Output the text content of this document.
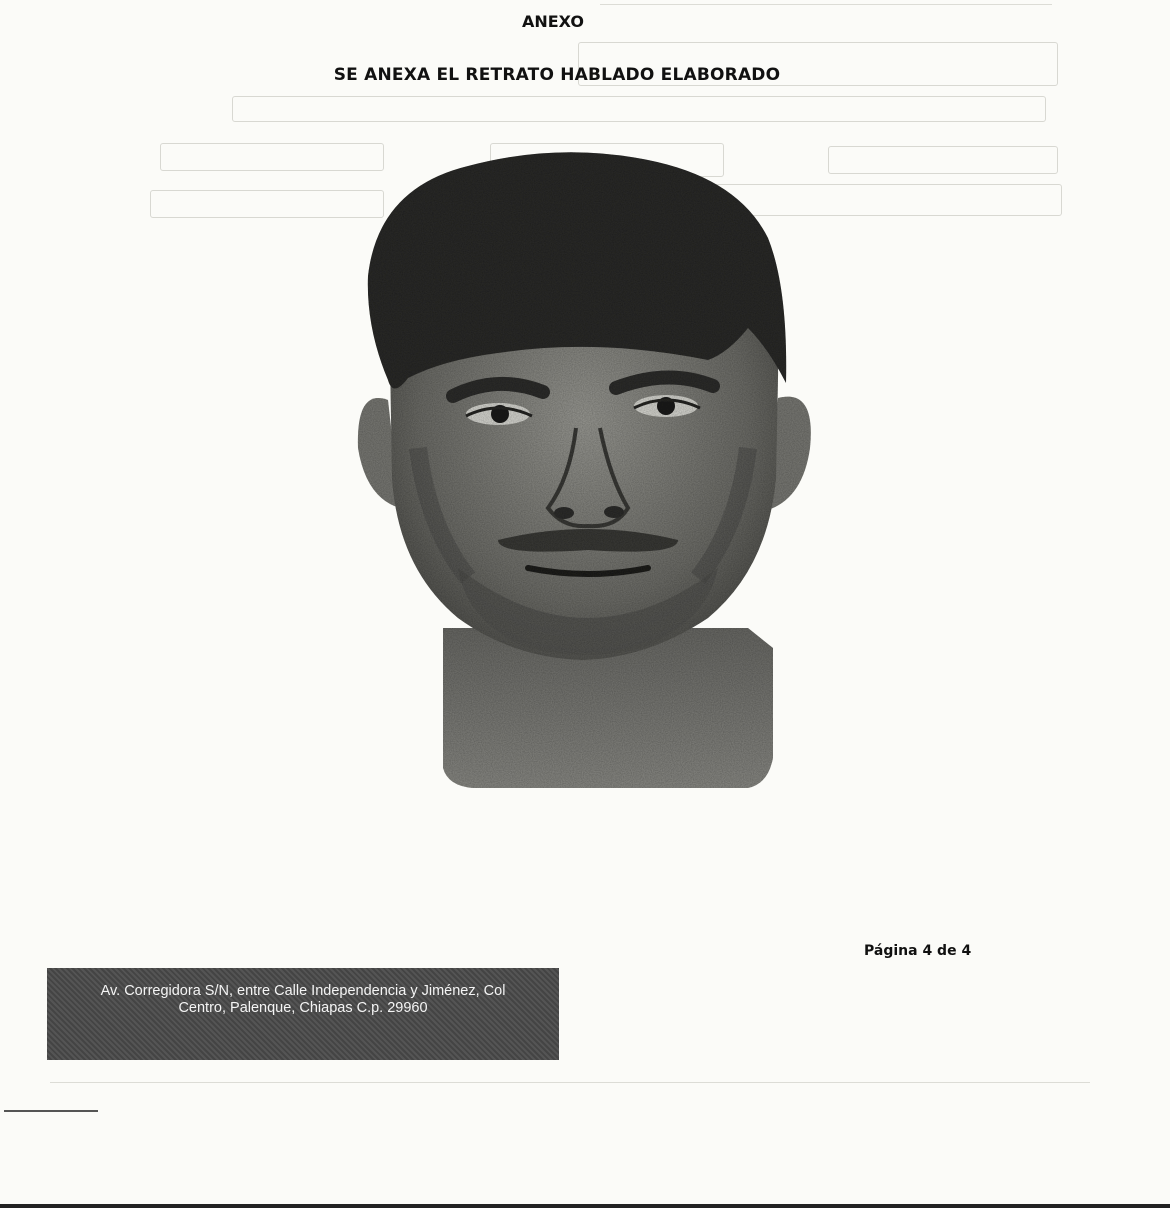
ANEXO
SE ANEXA EL RETRATO HABLADO ELABORADO
Página 4 de 4
Av. Corregidora S/N, entre Calle Independencia y Jiménez, Col
Centro, Palenque, Chiapas C.p. 29960
